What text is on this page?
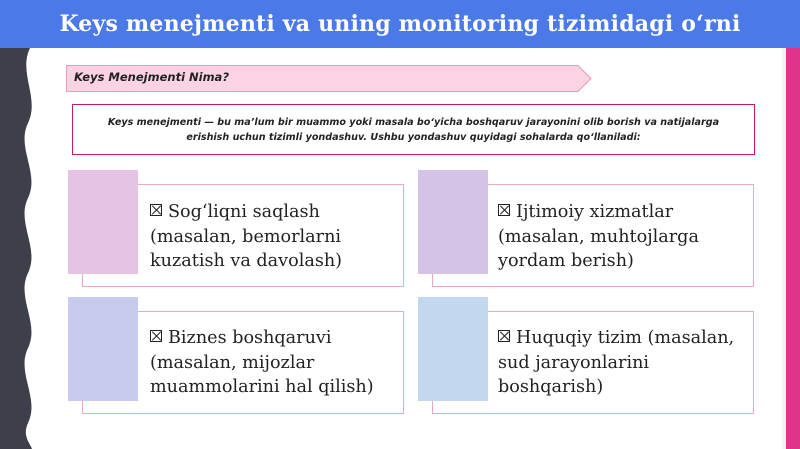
Keys menejmenti va uning monitoring tizimidagi o‘rni
Keys Menejmenti Nima?
Keys menejmenti — bu ma’lum bir muammo yoki masala bo‘yicha boshqaruv jarayonini olib borish va natijalarga erishish uchun tizimli yondashuv. Ushbu yondashuv quyidagi sohalarda qo‘llaniladi:
Sog‘liqni saqlash
(masalan, bemorlarni
kuzatish va davolash)
Ijtimoiy xizmatlar
(masalan, muhtojlarga
yordam berish)
Biznes boshqaruvi
(masalan, mijozlar
muammolarini hal qilish)
Huquqiy tizim (masalan,
sud jarayonlarini
boshqarish)
